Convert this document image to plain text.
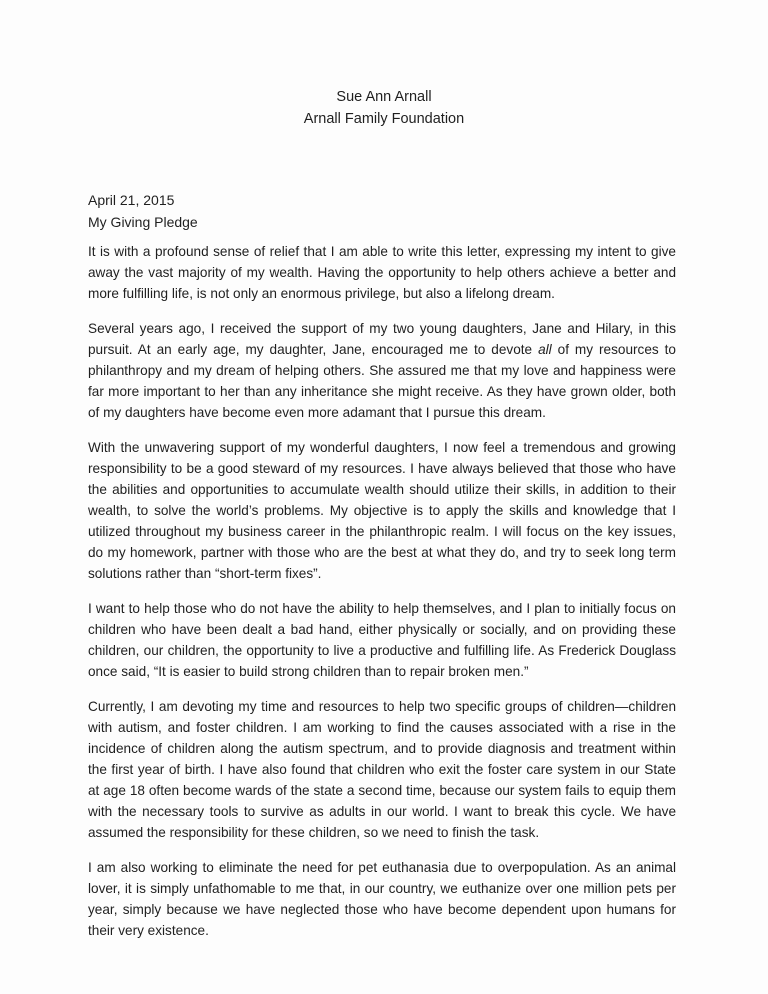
Sue Ann Arnall
Arnall Family Foundation
April 21, 2015
My Giving Pledge

It is with a profound sense of relief that I am able to write this letter, expressing my intent to give away the vast majority of my wealth. Having the opportunity to help others achieve a better and more fulfilling life, is not only an enormous privilege, but also a lifelong dream.

Several years ago, I received the support of my two young daughters, Jane and Hilary, in this pursuit. At an early age, my daughter, Jane, encouraged me to devote all of my resources to philanthropy and my dream of helping others. She assured me that my love and happiness were far more important to her than any inheritance she might receive. As they have grown older, both of my daughters have become even more adamant that I pursue this dream.

With the unwavering support of my wonderful daughters, I now feel a tremendous and growing responsibility to be a good steward of my resources. I have always believed that those who have the abilities and opportunities to accumulate wealth should utilize their skills, in addition to their wealth, to solve the world’s problems. My objective is to apply the skills and knowledge that I utilized throughout my business career in the philanthropic realm. I will focus on the key issues, do my homework, partner with those who are the best at what they do, and try to seek long term solutions rather than “short-term fixes”.

I want to help those who do not have the ability to help themselves, and I plan to initially focus on children who have been dealt a bad hand, either physically or socially, and on providing these children, our children, the opportunity to live a productive and fulfilling life. As Frederick Douglass once said, “It is easier to build strong children than to repair broken men.”

Currently, I am devoting my time and resources to help two specific groups of children—children with autism, and foster children. I am working to find the causes associated with a rise in the incidence of children along the autism spectrum, and to provide diagnosis and treatment within the first year of birth. I have also found that children who exit the foster care system in our State at age 18 often become wards of the state a second time, because our system fails to equip them with the necessary tools to survive as adults in our world. I want to break this cycle. We have assumed the responsibility for these children, so we need to finish the task.

I am also working to eliminate the need for pet euthanasia due to overpopulation. As an animal lover, it is simply unfathomable to me that, in our country, we euthanize over one million pets per year, simply because we have neglected those who have become dependent upon humans for their very existence.
